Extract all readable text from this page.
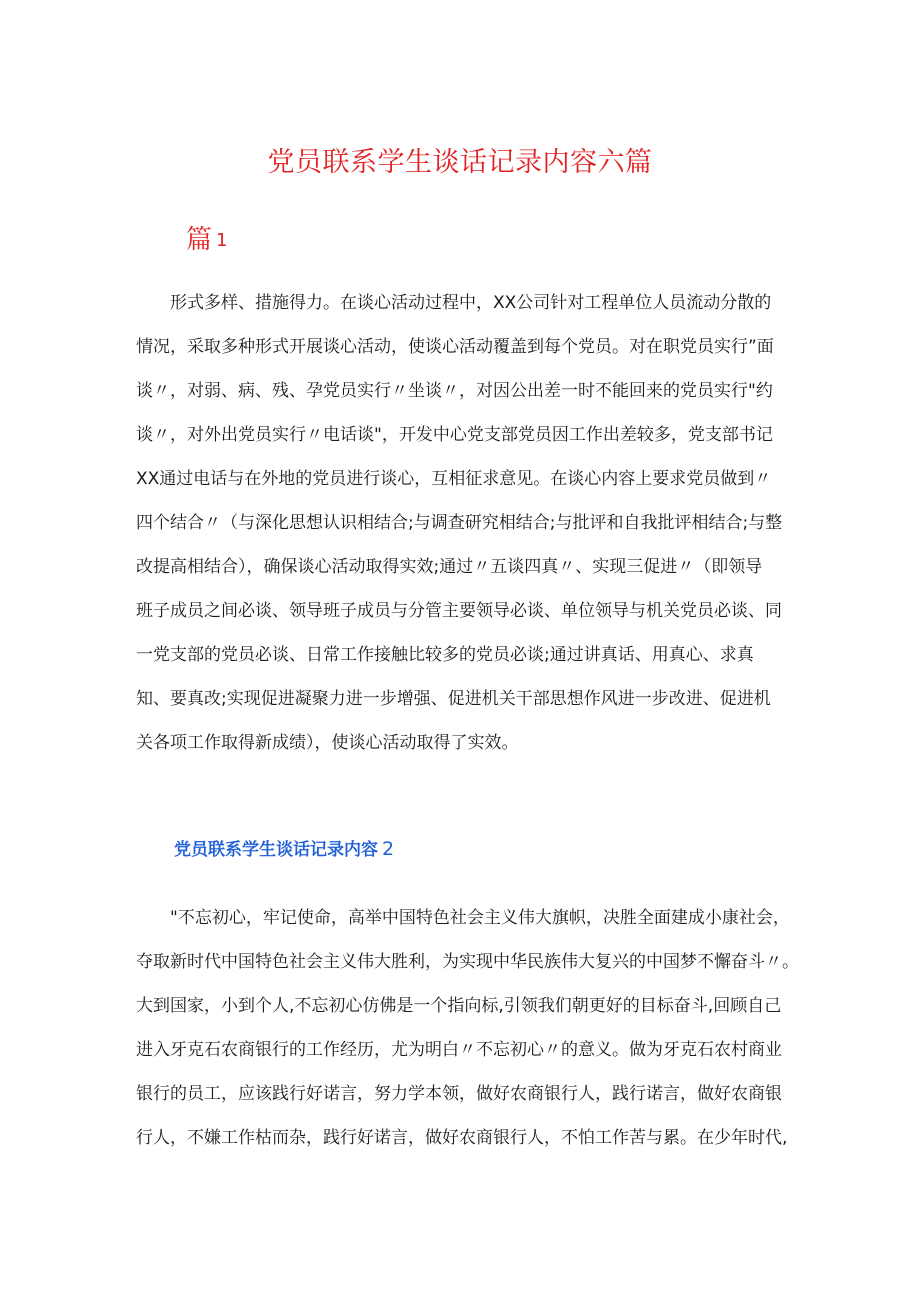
党员联系学生谈话记录内容六篇
篇 1
形式多样、措施得力。在谈心活动过程中，XX公司针对工程单位人员流动分散的
情况，采取多种形式开展谈心活动，使谈心活动覆盖到每个党员。对在职党员实行”面
谈〃，对弱、病、残、孕党员实行〃坐谈〃，对因公出差一时不能回来的党员实行"约
谈〃，对外出党员实行〃电话谈"，开发中心党支部党员因工作出差较多，党支部书记
XX通过电话与在外地的党员进行谈心，互相征求意见。在谈心内容上要求党员做到〃
四个结合〃（与深化思想认识相结合;与调查研究相结合;与批评和自我批评相结合;与整
改提高相结合），确保谈心活动取得实效;通过〃五谈四真〃、实现三促进〃（即领导
班子成员之间必谈、领导班子成员与分管主要领导必谈、单位领导与机关党员必谈、同
一党支部的党员必谈、日常工作接触比较多的党员必谈;通过讲真话、用真心、求真
知、要真改;实现促进凝聚力进一步增强、促进机关干部思想作风进一步改进、促进机
关各项工作取得新成绩），使谈心活动取得了实效。
党员联系学生谈话记录内容 2
"不忘初心，牢记使命，高举中国特色社会主义伟大旗帜，决胜全面建成小康社会，
夺取新时代中国特色社会主义伟大胜利，为实现中华民族伟大复兴的中国梦不懈奋斗〃。
大到国家，小到个人,不忘初心仿佛是一个指向标,引领我们朝更好的目标奋斗,回顾自己
进入牙克石农商银行的工作经历，尤为明白〃不忘初心〃的意义。做为牙克石农村商业
银行的员工，应该践行好诺言，努力学本领，做好农商银行人，践行诺言，做好农商银
行人，不嫌工作枯而杂，践行好诺言，做好农商银行人，不怕工作苦与累。在少年时代,
